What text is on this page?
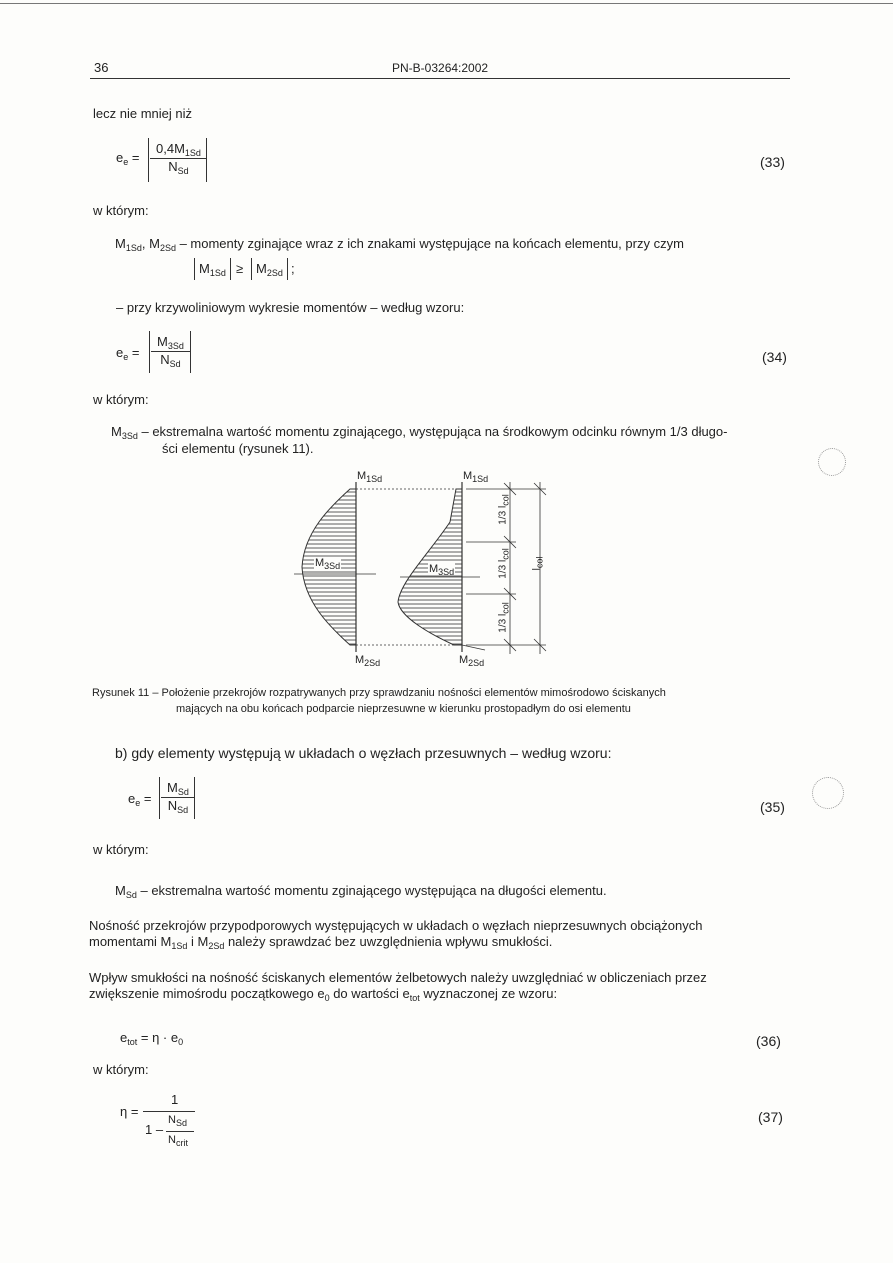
36	PN-B-03264:2002
lecz nie mniej niż
$e_e$ =
$0,4M_{1Sd}$
$N_{Sd}$
(33)
w którym:
$M_{1Sd}$, $M_{2Sd}$ – momenty zginające wraz z ich znakami występujące na końcach elementu, przy czym
$M_{1Sd} \ge M_{2Sd}$ ;
– przy krzywoliniowym wykresie momentów – według wzoru:
$e_e$ =
$M_{3Sd}$
$N_{Sd}$	(34)
w którym:
$M_{3Sd}$ – ekstremalna wartość momentu zginającego, występująca na środkowym odcinku równym 1/3 długo-
ści elementu (rysunek 11).
$M_{1Sd}$	$M_{1Sd}$
$M_{3Sd}$	$M_{3Sd}$
$M_{2Sd}$	$M_{2Sd}$
1/3 lcol
1/3 lcol
1/3 lcol
lcol
Rysunek 11 – Położenie przekrojów rozpatrywanych przy sprawdzaniu nośności elementów mimośrodowo ściskanych
mających na obu końcach podparcie nieprzesuwne w kierunku prostopadłym do osi elementu
b) gdy elementy występują w układach o węzłach przesuwnych – według wzoru:
$e_e$ =
$M_{Sd}$
$N_{Sd}$	(35)
w którym:
$M_{Sd}$ – ekstremalna wartość momentu zginającego występująca na długości elementu.
Nośność przekrojów przypodporowych występujących w układach o węzłach nieprzesuwnych obciążonych
momentami $M_{1Sd}$ i $M_{2Sd}$ należy sprawdzać bez uwzględnienia wpływu smukłości.
Wpływ smukłości na nośność ściskanych elementów żelbetowych należy uwzględniać w obliczeniach przez
zwiększenie mimośrodu początkowego $e_0$ do wartości $e_{tot}$ wyznaczonej ze wzoru:
$e_{tot} = \eta \cdot e_0$	(36)
w którym:
η =
1
1 –
$N_{Sd}$
$N_{crit}$
(37)
